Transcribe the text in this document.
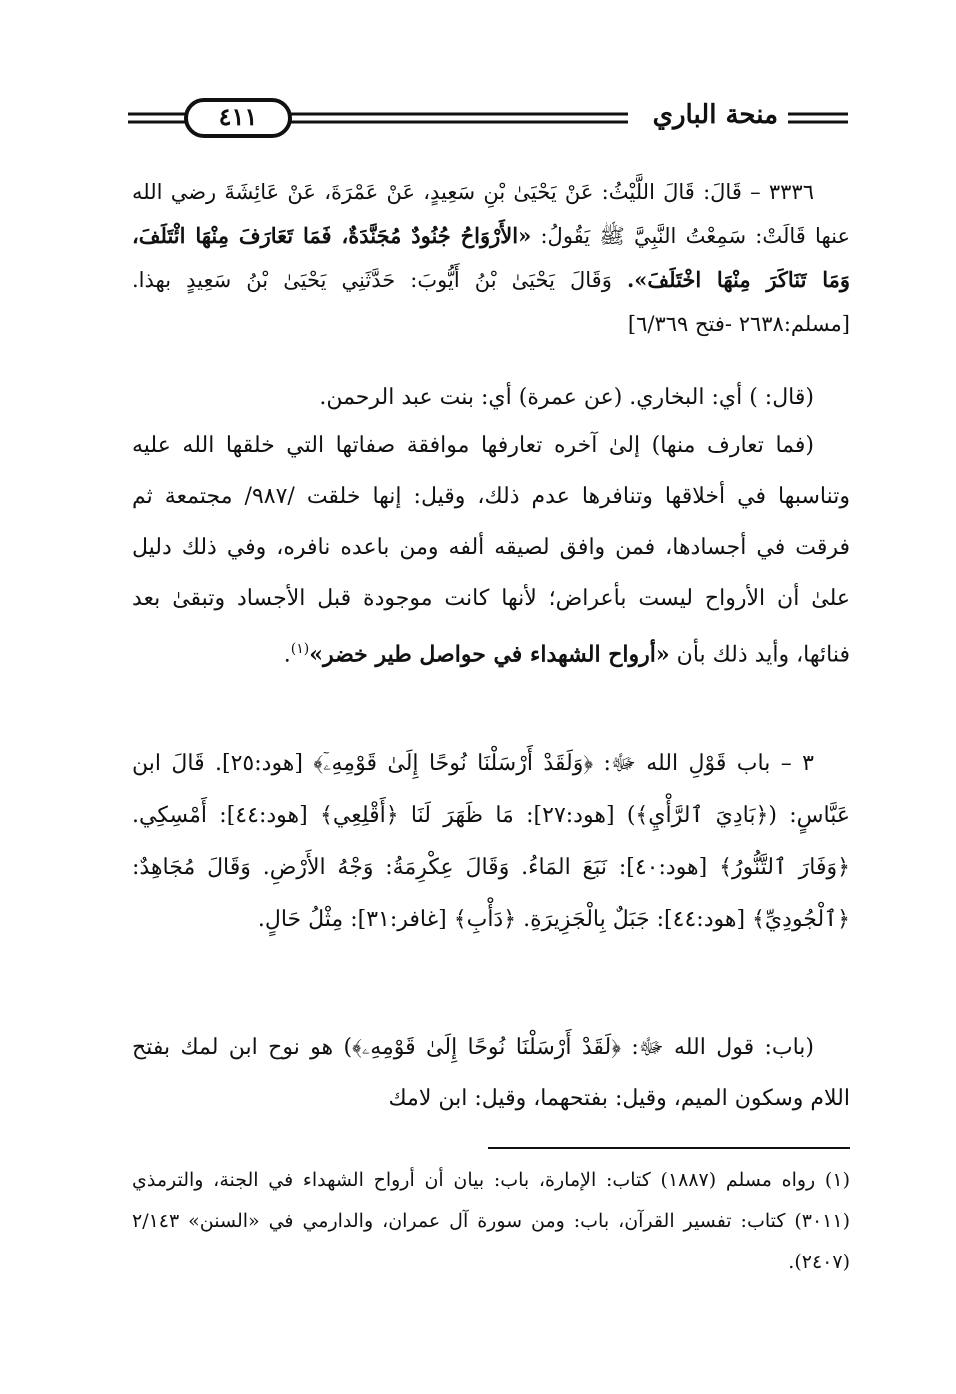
٤١١	منحة الباري

٣٣٣٦ – قَالَ: قَالَ اللَّيْثُ: عَنْ يَحْيَىٰ بْنِ سَعِيدٍ، عَنْ عَمْرَةَ، عَنْ عَائِشَةَ رضي الله عنها قَالَتْ: سَمِعْتُ النَّبِيَّ ﷺ يَقُولُ: «الأَرْوَاحُ جُنُودٌ مُجَنَّدَةٌ، فَمَا تَعَارَفَ مِنْهَا ائْتَلَفَ، وَمَا تَنَاكَرَ مِنْهَا اخْتَلَفَ». وَقَالَ يَحْيَىٰ بْنُ أَيُّوبَ: حَدَّثَنِي يَحْيَىٰ بْنُ سَعِيدٍ بهذا. [مسلم:٢٦٣٨ -فتح ٦/٣٦٩]

(قال: ) أي: البخاري. (عن عمرة) أي: بنت عبد الرحمن.

(فما تعارف منها) إلىٰ آخره تعارفها موافقة صفاتها التي خلقها الله عليه وتناسبها في أخلاقها وتنافرها عدم ذلك، وقيل: إنها خلقت /٩٨٧/ مجتمعة ثم فرقت في أجسادها، فمن وافق لصيقه ألفه ومن باعده نافره، وفي ذلك دليل علىٰ أن الأرواح ليست بأعراض؛ لأنها كانت موجودة قبل الأجساد وتبقىٰ بعد فنائها، وأيد ذلك بأن «أرواح الشهداء في حواصل طير خضر»$^{(١)}$.

٣ – باب قَوْلِ الله ﷻ: ﴿وَلَقَدْ أَرْسَلْنَا نُوحًا إِلَىٰ قَوْمِهِۦٓ﴾ [هود:٢٥]. قَالَ ابن عَبَّاسٍ: (﴿بَادِيَ ٱلرَّأْيِ﴾) [هود:٢٧]: مَا ظَهَرَ لَنَا ﴿أَقْلِعِي﴾ [هود:٤٤]: أَمْسِكِي. ﴿وَفَارَ ٱلتَّنُّورُ﴾ [هود:٤٠]: نَبَعَ المَاءُ. وَقَالَ عِكْرِمَةُ: وَجْهُ الأَرْضِ. وَقَالَ مُجَاهِدٌ: ﴿ٱلْجُودِيِّ﴾ [هود:٤٤]: جَبَلٌ بِالْجَزِيرَةِ. ﴿دَأْبِ﴾ [غافر:٣١]: مِثْلُ حَالٍ.

(باب: قول الله ﷻ: ﴿لَقَدْ أَرْسَلْنَا نُوحًا إِلَىٰ قَوْمِهِۦ﴾) هو نوح ابن لمك بفتح اللام وسكون الميم، وقيل: بفتحهما، وقيل: ابن لامك

(١) رواه مسلم (١٨٨٧) كتاب: الإمارة، باب: بيان أن أرواح الشهداء في الجنة، والترمذي (٣٠١١) كتاب: تفسير القرآن، باب: ومن سورة آل عمران، والدارمي في «السنن» ٢/١٤٣ (٢٤٠٧).
